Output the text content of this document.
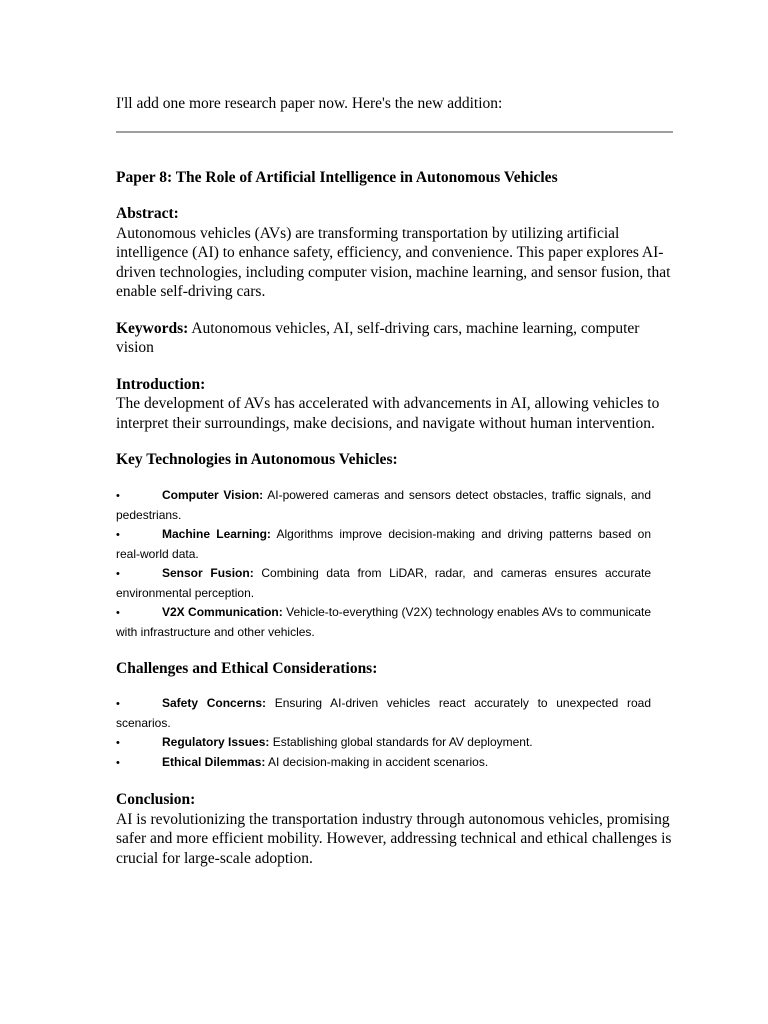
I'll add one more research paper now. Here's the new addition:

Paper 8: The Role of Artificial Intelligence in Autonomous Vehicles

Abstract:

Autonomous vehicles (AVs) are transforming transportation by utilizing artificial intelligence (AI) to enhance safety, efficiency, and convenience. This paper explores AI-driven technologies, including computer vision, machine learning, and sensor fusion, that enable self-driving cars.

Keywords: Autonomous vehicles, AI, self-driving cars, machine learning, computer vision

Introduction:

The development of AVs has accelerated with advancements in AI, allowing vehicles to interpret their surroundings, make decisions, and navigate without human intervention.

Key Technologies in Autonomous Vehicles:

•	Computer Vision: AI-powered cameras and sensors detect obstacles, traffic signals, and pedestrians.
•	Machine Learning: Algorithms improve decision-making and driving patterns based on real-world data.
•	Sensor Fusion: Combining data from LiDAR, radar, and cameras ensures accurate environmental perception.
•	V2X Communication: Vehicle-to-everything (V2X) technology enables AVs to communicate with infrastructure and other vehicles.

Challenges and Ethical Considerations:

•	Safety Concerns: Ensuring AI-driven vehicles react accurately to unexpected road scenarios.
•	Regulatory Issues: Establishing global standards for AV deployment.
•	Ethical Dilemmas: AI decision-making in accident scenarios.

Conclusion:

AI is revolutionizing the transportation industry through autonomous vehicles, promising safer and more efficient mobility. However, addressing technical and ethical challenges is crucial for large-scale adoption.
